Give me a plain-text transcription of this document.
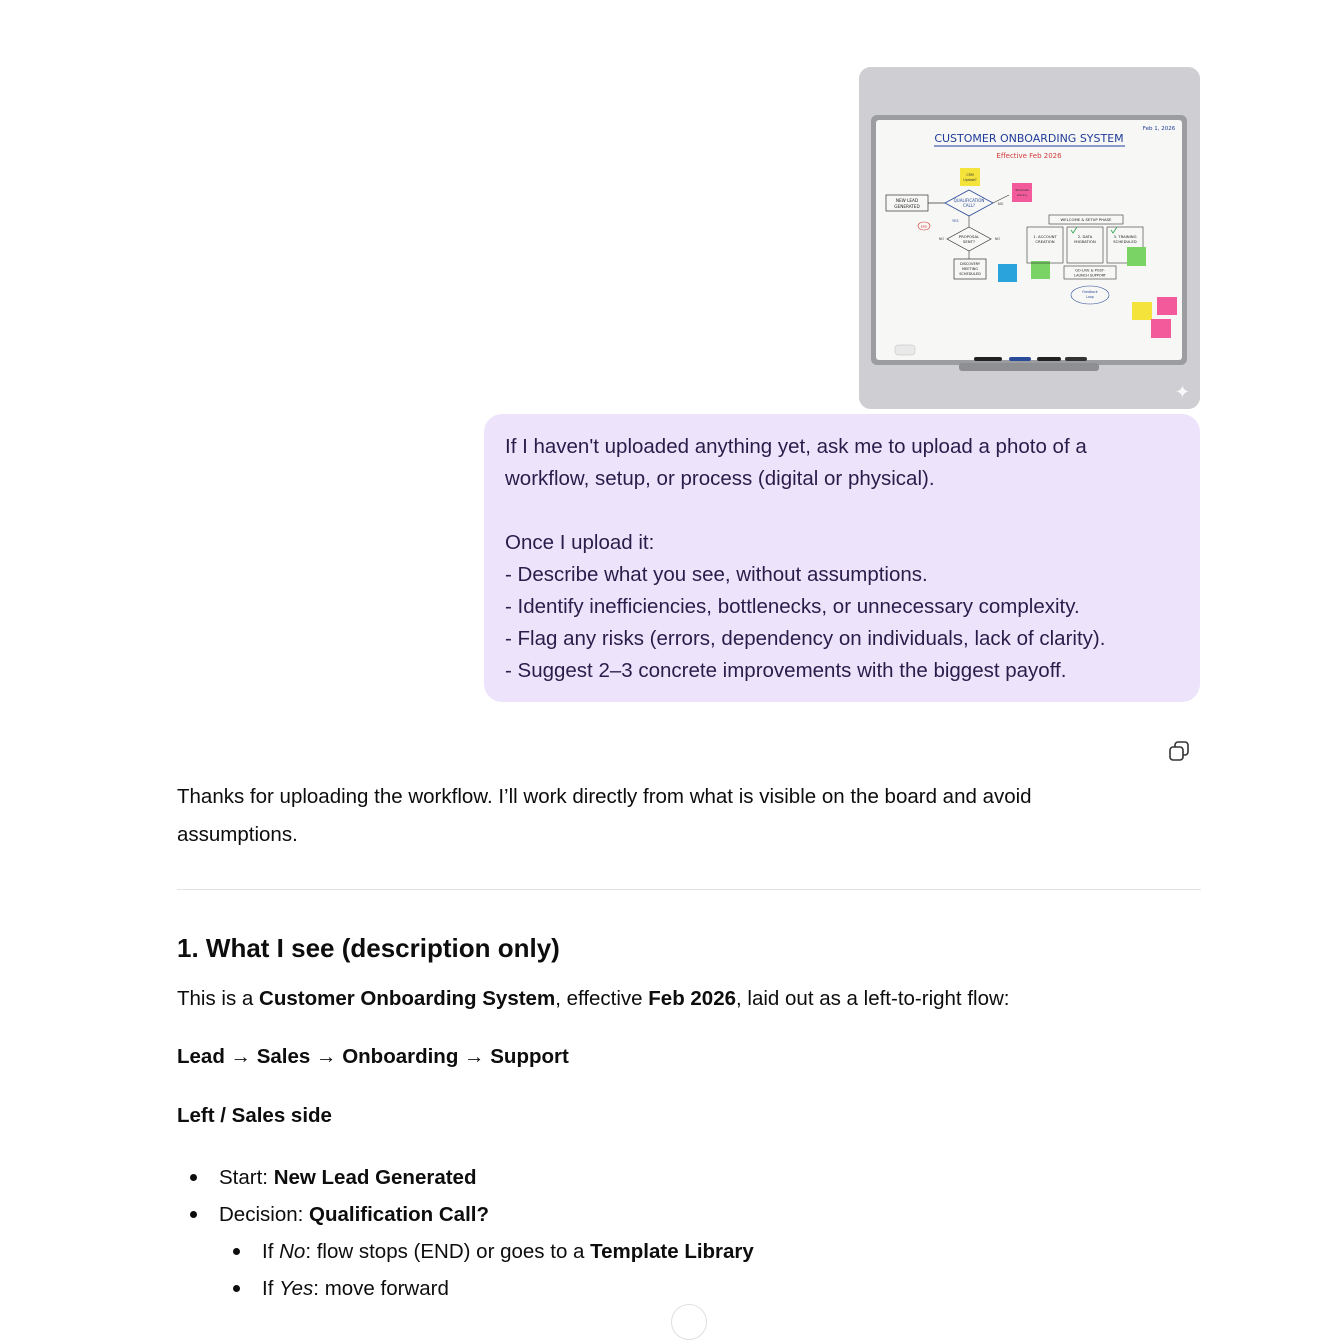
CUSTOMER ONBOARDING SYSTEM
Effective Feb 2026
Feb 1, 2026
NEW LEAD
GENERATED
QUALIFICATION
CALL?	NO
YES
END
PROPOSAL
SENT?
NO	NO
DISCOVERY
MEETING
SCHEDULED
CRM
Update?
Template
Library
WELCOME & SETUP PHASE
1. ACCOUNT
CREATION
2. DATA
MIGRATION
3. TRAINING
SCHEDULED
GO-LIVE & POST-
LAUNCH SUPPORT
Feedback
Loop
✦
If I haven't uploaded anything yet, ask me to upload a photo of a
workflow, setup, or process (digital or physical).
Once I upload it:
- Describe what you see, without assumptions.
- Identify inefficiencies, bottlenecks, or unnecessary complexity.
- Flag any risks (errors, dependency on individuals, lack of clarity).
- Suggest 2–3 concrete improvements with the biggest payoff.

Thanks for uploading the workflow. I’ll work directly from what is visible on the board and avoid
assumptions.

1. What I see (description only)

This is a Customer Onboarding System, effective Feb 2026, laid out as a left-to-right flow:

Lead → Sales → Onboarding → Support

Left / Sales side

Start: New Lead Generated
Decision: Qualification Call?
If No: flow stops (END) or goes to a Template Library
If Yes: move forward
